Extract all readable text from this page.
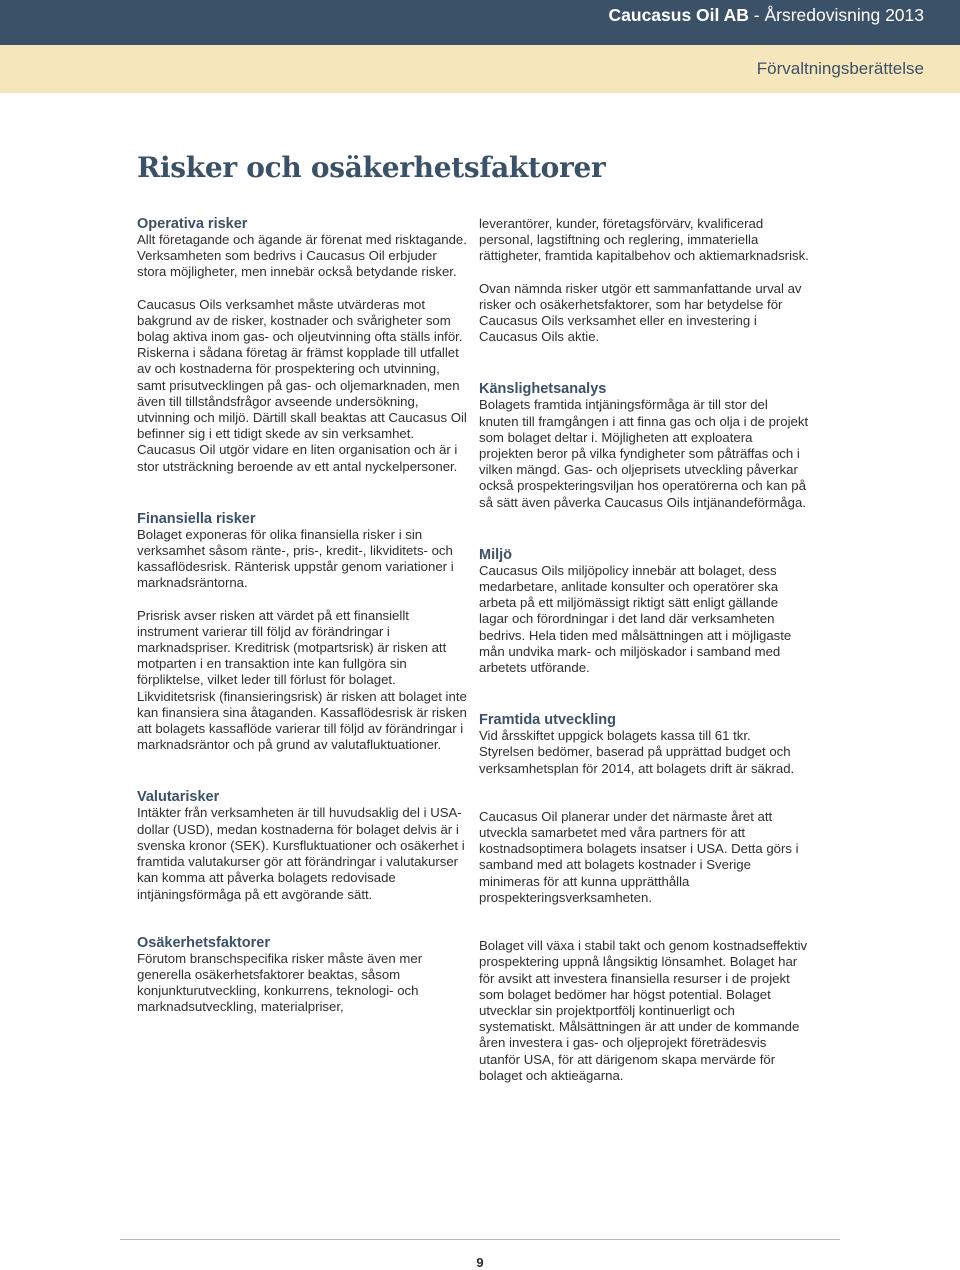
Caucasus Oil AB - Årsredovisning 2013
Förvaltningsberättelse
Risker och osäkerhetsfaktorer
Operativa risker

Allt företagande och ägande är förenat med risktagande. Verksamheten som bedrivs i Caucasus Oil erbjuder stora möjligheter, men innebär också betydande risker.

Caucasus Oils verksamhet måste utvärderas mot bakgrund av de risker, kostnader och svårigheter som bolag aktiva inom gas- och oljeutvinning ofta ställs inför. Riskerna i sådana företag är främst kopplade till utfallet av och kostnaderna för prospektering och utvinning, samt prisutvecklingen på gas- och oljemarknaden, men även till tillståndsfrågor avseende undersökning, utvinning och miljö. Därtill skall beaktas att Caucasus Oil befinner sig i ett tidigt skede av sin verksamhet. Caucasus Oil utgör vidare en liten organisation och är i stor utsträckning beroende av ett antal nyckelpersoner.

Finansiella risker

Bolaget exponeras för olika finansiella risker i sin verksamhet såsom ränte-, pris-, kredit-, likviditets- och kassaflödesrisk. Ränterisk uppstår genom variationer i marknadsräntorna.

Prisrisk avser risken att värdet på ett finansiellt instrument varierar till följd av förändringar i marknadspriser. Kreditrisk (motpartsrisk) är risken att motparten i en transaktion inte kan fullgöra sin förpliktelse, vilket leder till förlust för bolaget. Likviditetsrisk (finansieringsrisk) är risken att bolaget inte kan finansiera sina åtaganden. Kassaflödesrisk är risken att bolagets kassaflöde varierar till följd av förändringar i marknadsräntor och på grund av valutafluktuationer.

Valutarisker

Intäkter från verksamheten är till huvudsaklig del i USA-dollar (USD), medan kostnaderna för bolaget delvis är i svenska kronor (SEK). Kursfluktuationer och osäkerhet i framtida valutakurser gör att förändringar i valutakurser kan komma att påverka bolagets redovisade intjäningsförmåga på ett avgörande sätt.

Osäkerhetsfaktorer

Förutom branschspecifika risker måste även mer generella osäkerhetsfaktorer beaktas, såsom konjunkturutveckling, konkurrens, teknologi- och marknadsutveckling, materialpriser,

leverantörer, kunder, företagsförvärv, kvalificerad personal, lagstiftning och reglering, immateriella rättigheter, framtida kapitalbehov och aktiemarknadsrisk.

Ovan nämnda risker utgör ett sammanfattande urval av risker och osäkerhetsfaktorer, som har betydelse för Caucasus Oils verksamhet eller en investering i Caucasus Oils aktie.

Känslighetsanalys

Bolagets framtida intjäningsförmåga är till stor del knuten till framgången i att finna gas och olja i de projekt som bolaget deltar i. Möjligheten att exploatera projekten beror på vilka fyndigheter som påträffas och i vilken mängd. Gas- och oljeprisets utveckling påverkar också prospekteringsviljan hos operatörerna och kan på så sätt även påverka Caucasus Oils intjänandeförmåga.

Miljö

Caucasus Oils miljöpolicy innebär att bolaget, dess medarbetare, anlitade konsulter och operatörer ska arbeta på ett miljömässigt riktigt sätt enligt gällande lagar och förordningar i det land där verksamheten bedrivs. Hela tiden med målsättningen att i möjligaste mån undvika mark- och miljöskador i samband med arbetets utförande.

Framtida utveckling

Vid årsskiftet uppgick bolagets kassa till 61 tkr. Styrelsen bedömer, baserad på upprättad budget och verksamhetsplan för 2014, att bolagets drift är säkrad.

Caucasus Oil planerar under det närmaste året att utveckla samarbetet med våra partners för att kostnadsoptimera bolagets insatser i USA. Detta görs i samband med att bolagets kostnader i Sverige minimeras för att kunna upprätthålla prospekteringsverksamheten.

Bolaget vill växa i stabil takt och genom kostnadseffektiv prospektering uppnå långsiktig lönsamhet. Bolaget har för avsikt att investera finansiella resurser i de projekt som bolaget bedömer har högst potential. Bolaget utvecklar sin projektportfölj kontinuerligt och systematiskt. Målsättningen är att under de kommande åren investera i gas- och oljeprojekt företrädesvis utanför USA, för att därigenom skapa mervärde för bolaget och aktieägarna.

9
